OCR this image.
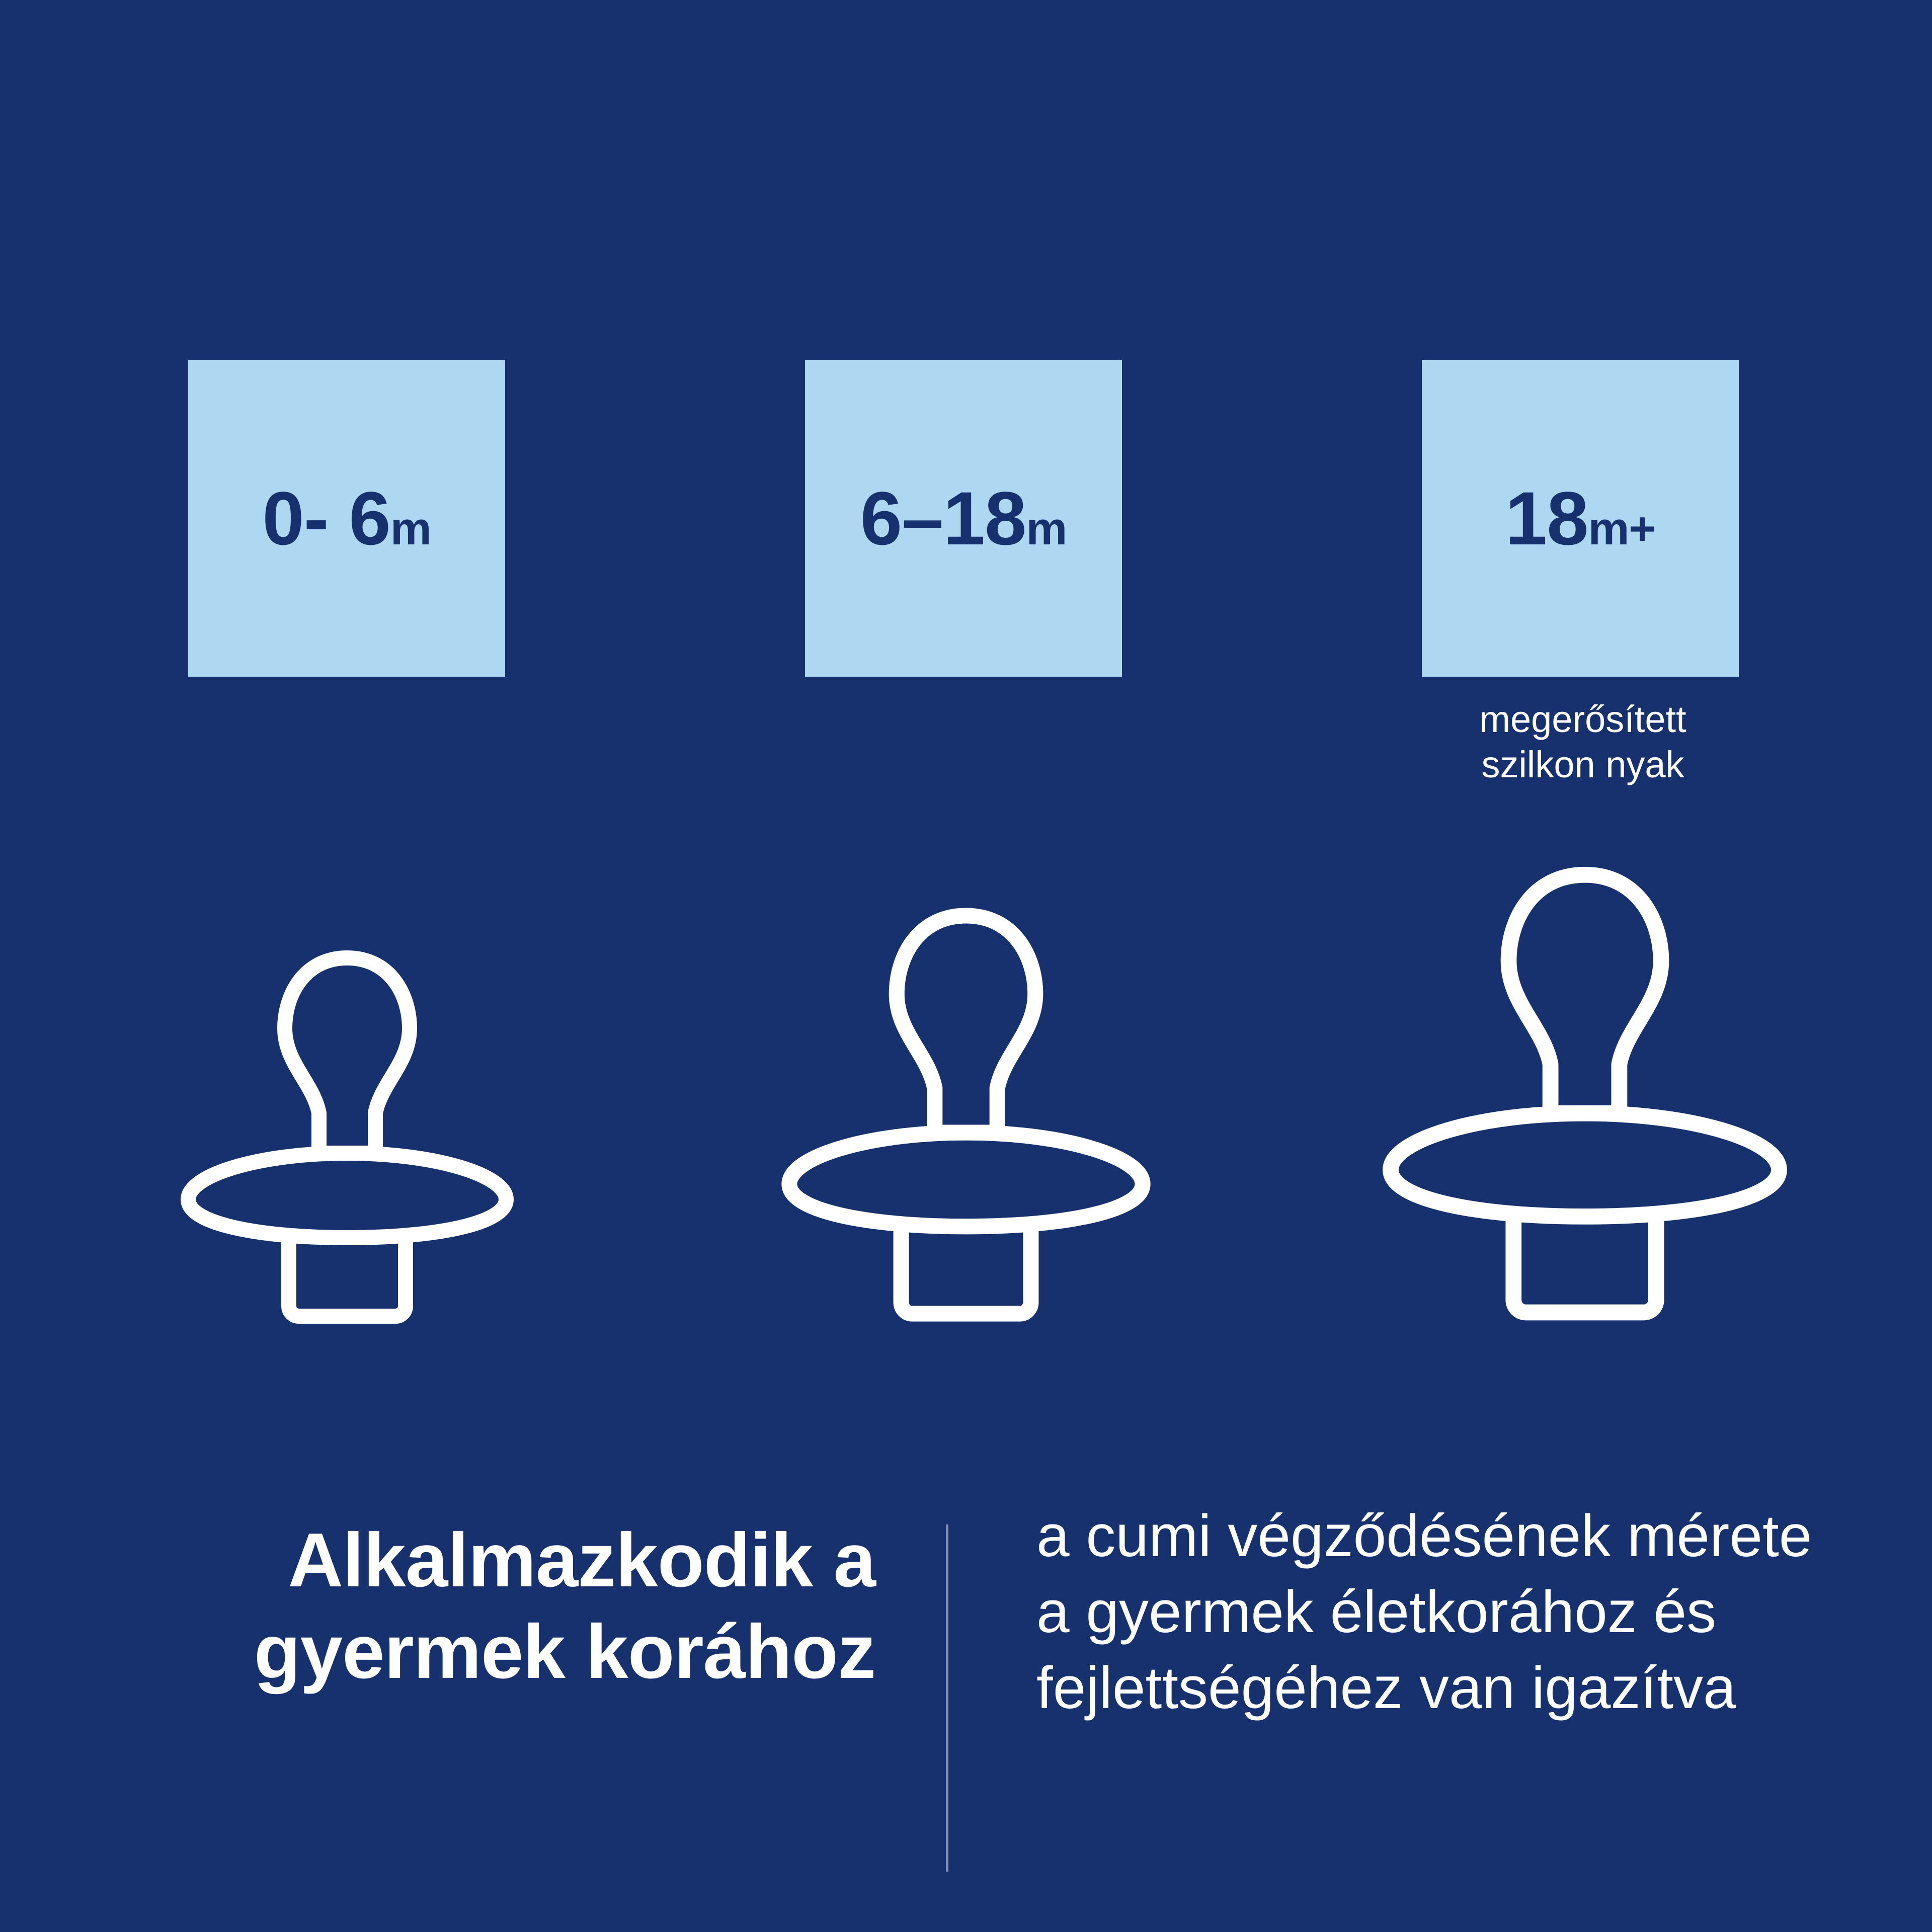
0- 6m	6–18m	18m+
megerősített szilkon nyak
Alkalmazkodik a gyermek korához
a cumi végződésének mérete a gyermek életkorához és fejlettségéhez van igazítva
